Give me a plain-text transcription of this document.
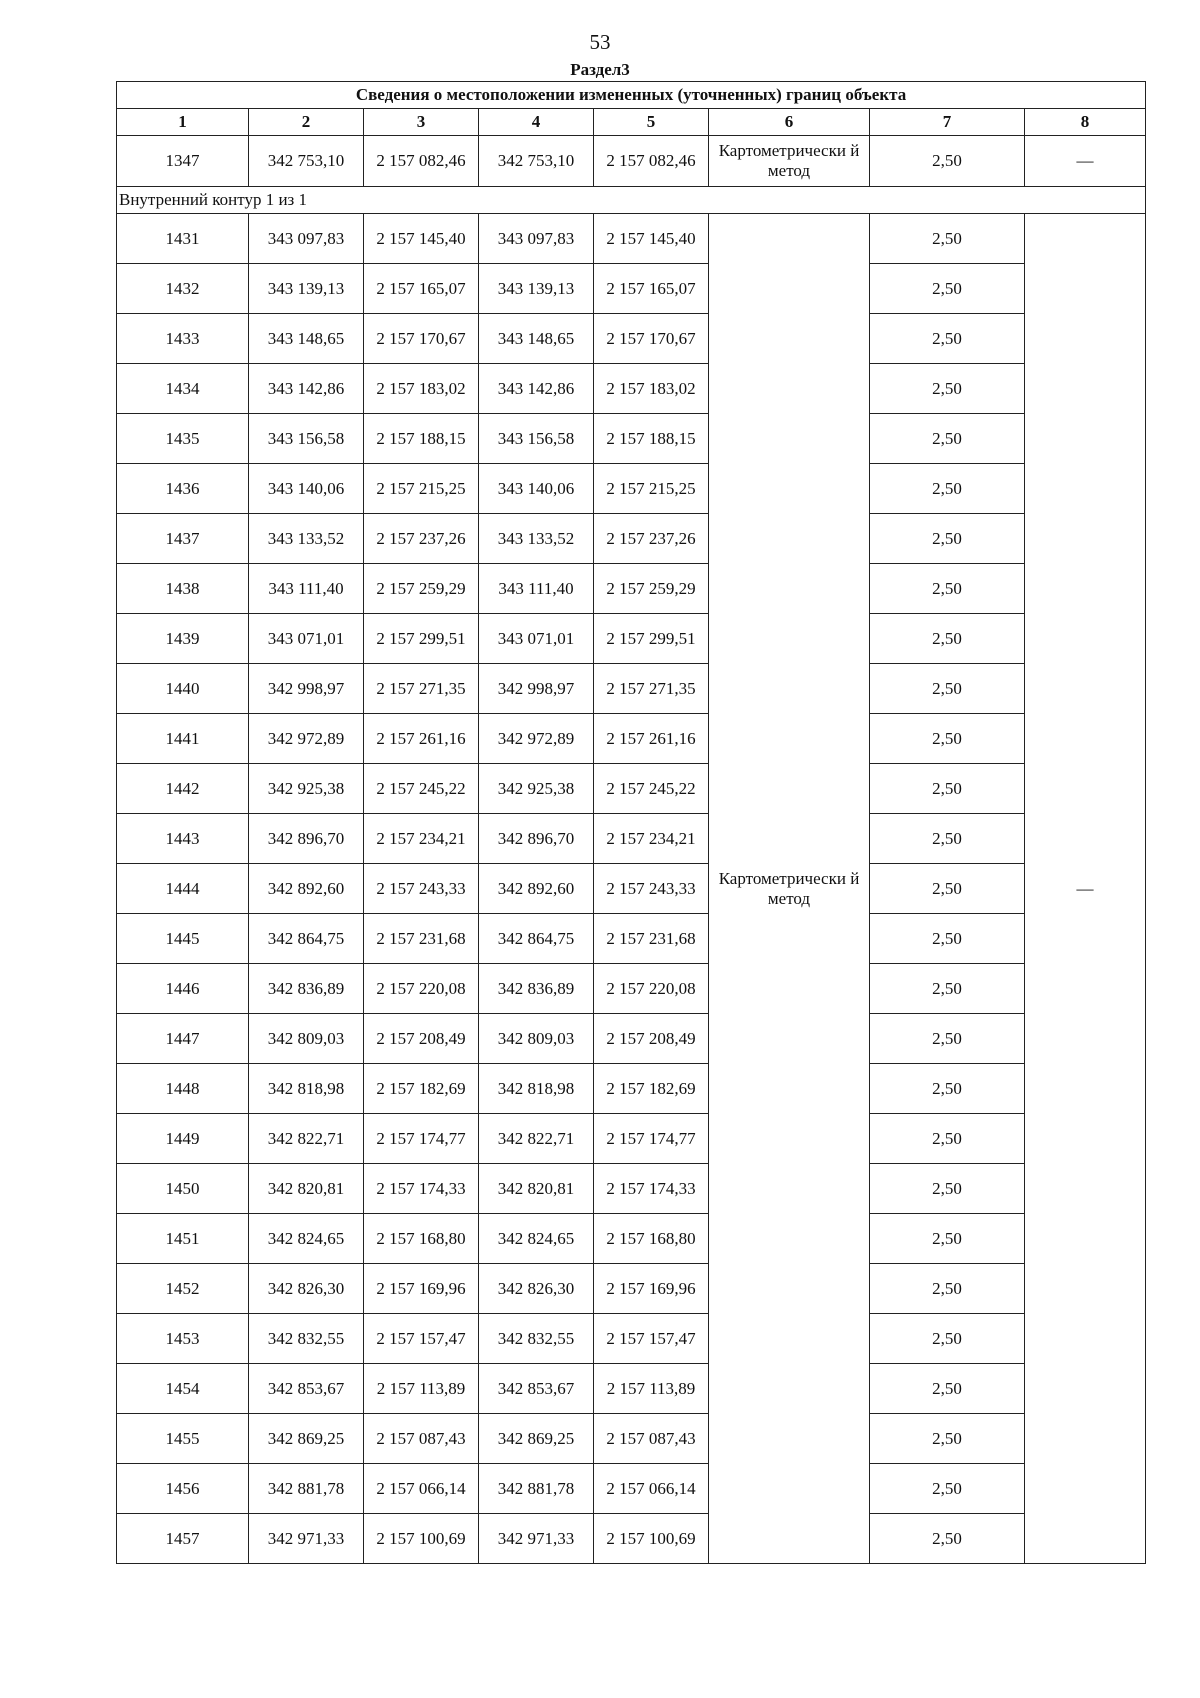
53
Раздел3
Сведения о местоположении измененных (уточненных) границ объекта							
1	2	3	4	5	6	7	8
1347	342 753,10	2 157 082,46	342 753,10	2 157 082,46	Картометрически й метод	2,50	—
Внутренний контур 1 из 1							
1431	343 097,83	2 157 145,40	343 097,83	2 157 145,40	Картометрически й метод	2,50	—
1432	343 139,13	2 157 165,07	343 139,13	2 157 165,07		2,50	
1433	343 148,65	2 157 170,67	343 148,65	2 157 170,67		2,50	
1434	343 142,86	2 157 183,02	343 142,86	2 157 183,02		2,50	
1435	343 156,58	2 157 188,15	343 156,58	2 157 188,15		2,50	
1436	343 140,06	2 157 215,25	343 140,06	2 157 215,25		2,50	
1437	343 133,52	2 157 237,26	343 133,52	2 157 237,26		2,50	
1438	343 111,40	2 157 259,29	343 111,40	2 157 259,29		2,50	
1439	343 071,01	2 157 299,51	343 071,01	2 157 299,51		2,50	
1440	342 998,97	2 157 271,35	342 998,97	2 157 271,35		2,50	
1441	342 972,89	2 157 261,16	342 972,89	2 157 261,16		2,50	
1442	342 925,38	2 157 245,22	342 925,38	2 157 245,22		2,50	
1443	342 896,70	2 157 234,21	342 896,70	2 157 234,21		2,50	
1444	342 892,60	2 157 243,33	342 892,60	2 157 243,33		2,50	
1445	342 864,75	2 157 231,68	342 864,75	2 157 231,68		2,50	
1446	342 836,89	2 157 220,08	342 836,89	2 157 220,08		2,50	
1447	342 809,03	2 157 208,49	342 809,03	2 157 208,49		2,50	
1448	342 818,98	2 157 182,69	342 818,98	2 157 182,69		2,50	
1449	342 822,71	2 157 174,77	342 822,71	2 157 174,77		2,50	
1450	342 820,81	2 157 174,33	342 820,81	2 157 174,33		2,50	
1451	342 824,65	2 157 168,80	342 824,65	2 157 168,80		2,50	
1452	342 826,30	2 157 169,96	342 826,30	2 157 169,96		2,50	
1453	342 832,55	2 157 157,47	342 832,55	2 157 157,47		2,50	
1454	342 853,67	2 157 113,89	342 853,67	2 157 113,89		2,50	
1455	342 869,25	2 157 087,43	342 869,25	2 157 087,43		2,50	
1456	342 881,78	2 157 066,14	342 881,78	2 157 066,14		2,50	
1457	342 971,33	2 157 100,69	342 971,33	2 157 100,69		2,50	
